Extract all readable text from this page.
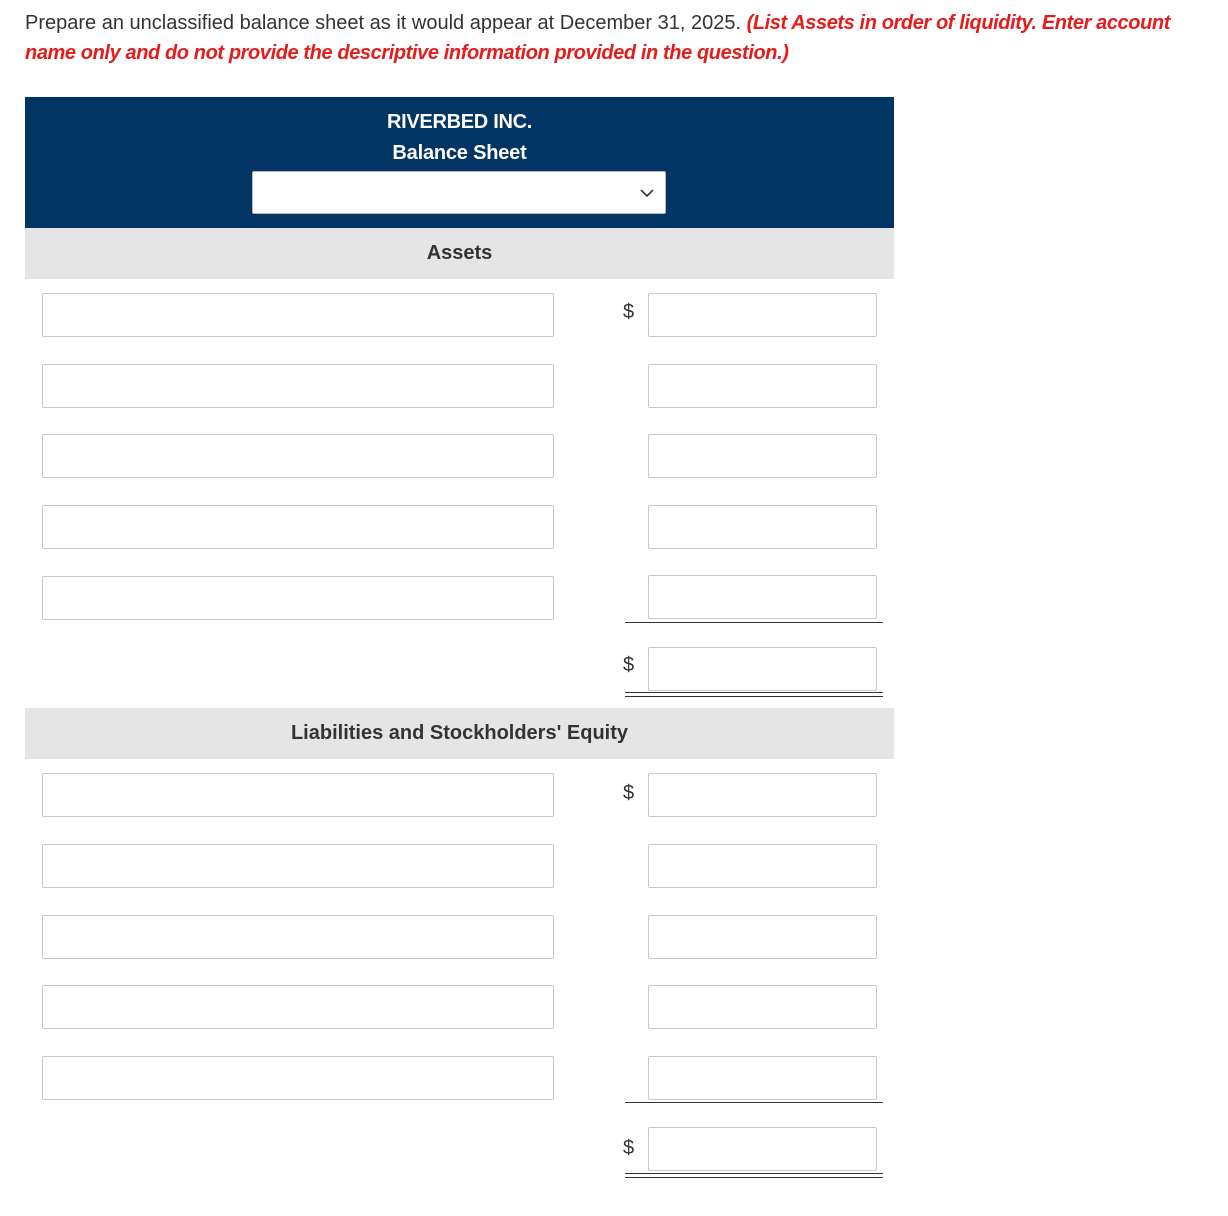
Prepare an unclassified balance sheet as it would appear at December 31, 2025. (List Assets in order of liquidity. Enter account name only and do not provide the descriptive information provided in the question.)
RIVERBED INC.
Balance Sheet
Assets
$
$
Liabilities and Stockholders' Equity
$
$
